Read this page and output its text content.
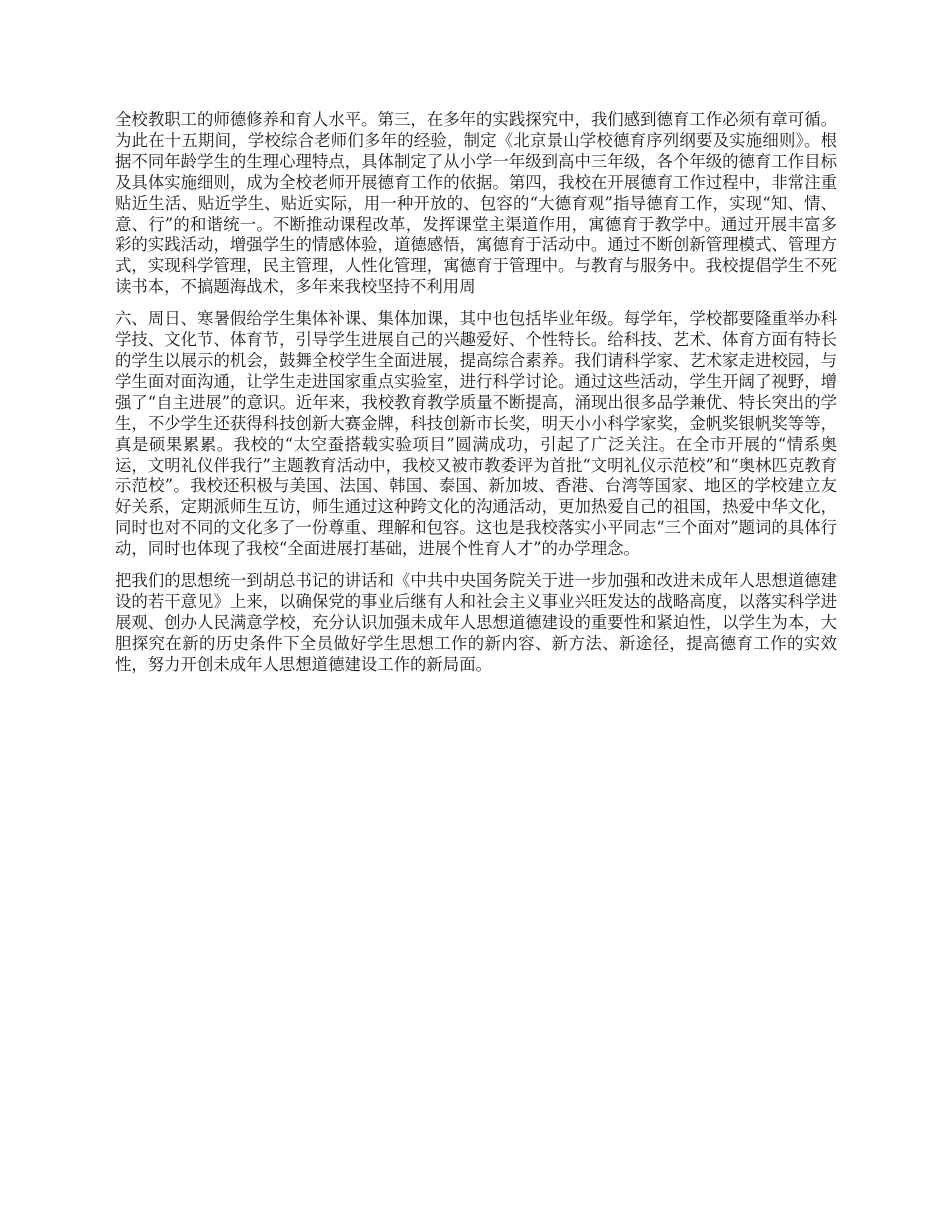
全校教职工的师德修养和育人水平。第三，在多年的实践探究中，我们感到德育工作必须有章可循。为此在十五期间，学校综合老师们多年的经验，制定《北京景山学校德育序列纲要及实施细则》。根据不同年龄学生的生理心理特点，具体制定了从小学一年级到高中三年级，各个年级的德育工作目标及具体实施细则，成为全校老师开展德育工作的依据。第四，我校在开展德育工作过程中，非常注重贴近生活、贴近学生、贴近实际，用一种开放的、包容的“大德育观”指导德育工作，实现“知、情、意、行”的和谐统一。不断推动课程改革，发挥课堂主渠道作用，寓德育于教学中。通过开展丰富多彩的实践活动，增强学生的情感体验，道德感悟，寓德育于活动中。通过不断创新管理模式、管理方式，实现科学管理，民主管理，人性化管理，寓德育于管理中。与教育与服务中。我校提倡学生不死读书本，不搞题海战术，多年来我校坚持不利用周

六、周日、寒暑假给学生集体补课、集体加课，其中也包括毕业年级。每学年，学校都要隆重举办科学技、文化节、体育节，引导学生进展自己的兴趣爱好、个性特长。给科技、艺术、体育方面有特长的学生以展示的机会，鼓舞全校学生全面进展，提高综合素养。我们请科学家、艺术家走进校园，与学生面对面沟通，让学生走进国家重点实验室，进行科学讨论。通过这些活动，学生开阔了视野，增强了“自主进展”的意识。近年来，我校教育教学质量不断提高，涌现出很多品学兼优、特长突出的学生，不少学生还获得科技创新大赛金牌，科技创新市长奖，明天小小科学家奖，金帆奖银帆奖等等，真是硕果累累。我校的“太空蚕搭载实验项目”圆满成功，引起了广泛关注。在全市开展的“情系奥运，文明礼仪伴我行”主题教育活动中，我校又被市教委评为首批“文明礼仪示范校”和“奥林匹克教育示范校”。我校还积极与美国、法国、韩国、泰国、新加坡、香港、台湾等国家、地区的学校建立友好关系，定期派师生互访，师生通过这种跨文化的沟通活动，更加热爱自己的祖国，热爱中华文化，同时也对不同的文化多了一份尊重、理解和包容。这也是我校落实小平同志“三个面对”题词的具体行动，同时也体现了我校“全面进展打基础，进展个性育人才”的办学理念。

把我们的思想统一到胡总书记的讲话和《中共中央国务院关于进一步加强和改进未成年人思想道德建设的若干意见》上来，以确保党的事业后继有人和社会主义事业兴旺发达的战略高度，以落实科学进展观、创办人民满意学校，充分认识加强未成年人思想道德建设的重要性和紧迫性，以学生为本，大胆探究在新的历史条件下全员做好学生思想工作的新内容、新方法、新途径，提高德育工作的实效性，努力开创未成年人思想道德建设工作的新局面。
